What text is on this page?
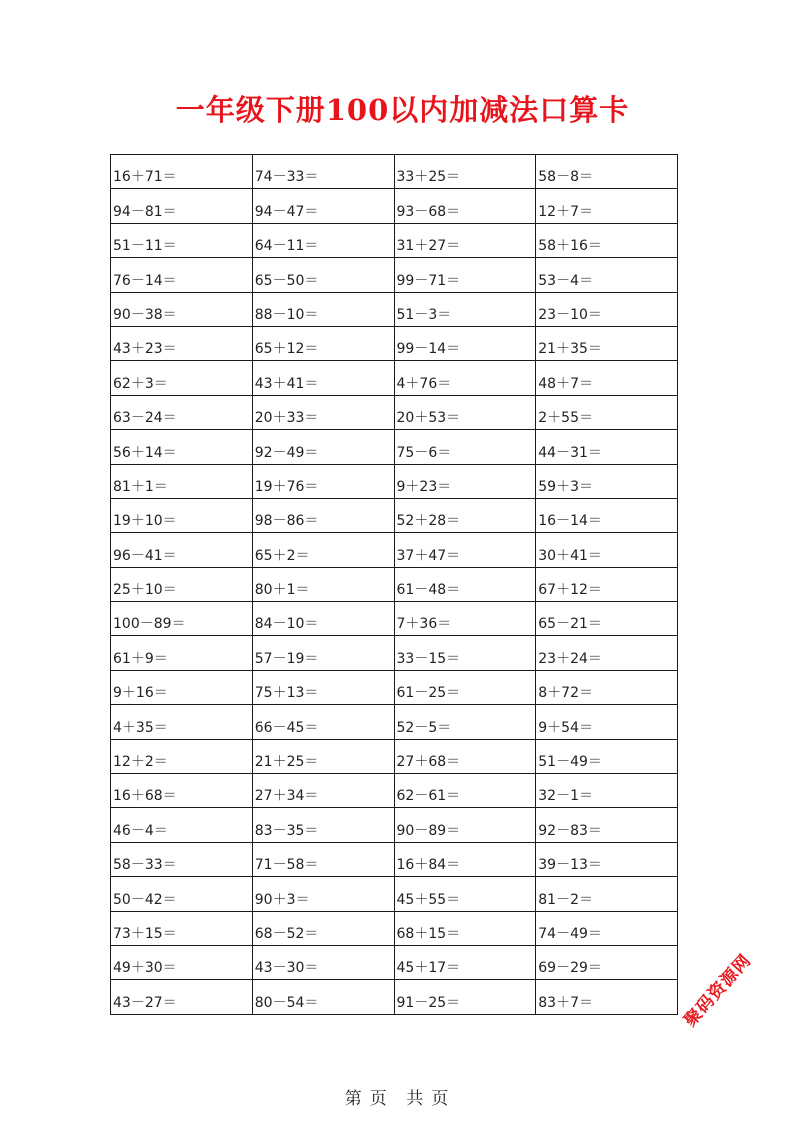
一年级下册100以内加减法口算卡
16＋71＝	74－33＝	33＋25＝	58－8＝
94－81＝	94－47＝	93－68＝	12＋7＝
51－11＝	64－11＝	31＋27＝	58＋16＝
76－14＝	65－50＝	99－71＝	53－4＝
90－38＝	88－10＝	51－3＝	23－10＝
43＋23＝	65＋12＝	99－14＝	21＋35＝
62＋3＝	43＋41＝	4＋76＝	48＋7＝
63－24＝	20＋33＝	20＋53＝	2＋55＝
56＋14＝	92－49＝	75－6＝	44－31＝
81＋1＝	19＋76＝	9＋23＝	59＋3＝
19＋10＝	98－86＝	52＋28＝	16－14＝
96－41＝	65＋2＝	37＋47＝	30＋41＝
25＋10＝	80＋1＝	61－48＝	67＋12＝
100－89＝	84－10＝	7＋36＝	65－21＝
61＋9＝	57－19＝	33－15＝	23＋24＝
9＋16＝	75＋13＝	61－25＝	8＋72＝
4＋35＝	66－45＝	52－5＝	9＋54＝
12＋2＝	21＋25＝	27＋68＝	51－49＝
16＋68＝	27＋34＝	62－61＝	32－1＝
46－4＝	83－35＝	90－89＝	92－83＝
58－33＝	71－58＝	16＋84＝	39－13＝
50－42＝	90＋3＝	45＋55＝	81－2＝
73＋15＝	68－52＝	68＋15＝	74－49＝
49＋30＝	43－30＝	45＋17＝	69－29＝
43－27＝	80－54＝	91－25＝	83＋7＝	聚码资源网
第 页 共 页
